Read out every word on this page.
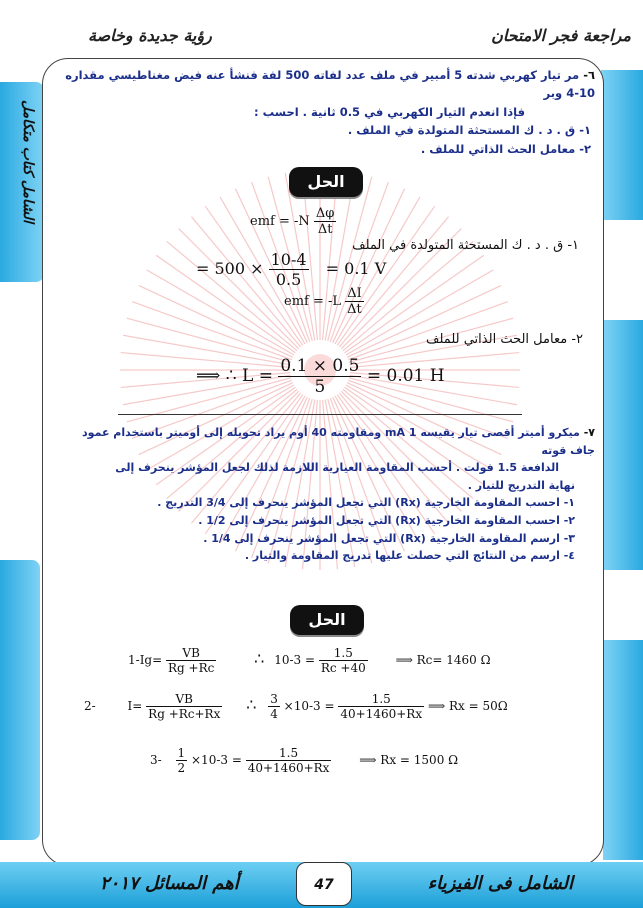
مراجعة فجر الامتحان
رؤية جديدة وخاصة
الشامل كتاب متكامل
٦- مر تيار كهربي شدته 5 أمبير في ملف عدد لفاته 500 لفة فنشأ عنه فيض مغناطيسي مقداره 10-4 وبر
فإذا انعدم التيار الكهربي في 0.5 ثانية . احسب :
١- ق . د . ك المستحثة المتولدة في الملف .
٢- معامل الحث الذاتي للملف .
الحل
emf = $-N \frac{\Delta\varphi}{\Delta t}$
١- ق . د . ك المستحثة المتولدة في الملف
= $500 \times \frac{10-4}{0.5} = 0.1$ V
emf = $-L \frac{\Delta I}{\Delta t}$
٢- معامل الحث الذاتي للملف
⟹ ∴ $L = \frac{0.1 \times 0.5}{5} = 0.01$ H
٧- ميكرو أميتر أقصى تيار يقيسه 1 mA ومقاومته 40 أوم يراد تحويله إلى أوميتر باستخدام عمود جاف قوته
الدافعة 1.5 فولت . أحسب المقاومة العيارية اللازمة لذلك لجعل المؤشر ينحرف إلى
نهاية التدريج للتيار .
١- احسب المقاومة الخارجية (Rx) التي تجعل المؤشر ينحرف إلى 3/4 التدريج .
٢- احسب المقاومة الخارجية (Rx) التي تجعل المؤشر ينحرف إلى 1/2 .
٣- ارسم المقاومة الخارجية (Rx) التي تجعل المؤشر ينحرف إلى 1/4 .
٤- ارسم من النتائج التي حصلت عليها تدريج المقاومة والتيار .
الحل
$1-Ig= \frac{VB}{Rg +Rc}$ ∴ $10-3 = \frac{1.5}{Rc +40}$ ⟹ Rc= 1460 Ω
2-	$I= \frac{VB}{Rg +Rc+Rx}$ ∴ $\frac{3}{4} \times 10-3 = \frac{1.5}{40+1460+Rx}$ ⟹ Rx = 50Ω
$3- \frac{1}{2} \times 10-3 = \frac{1.5}{40+1460+Rx}$ ⟹ Rx = 1500 Ω
الشامل فى الفيزياء
أهم المسائل ٢٠١٧	47
